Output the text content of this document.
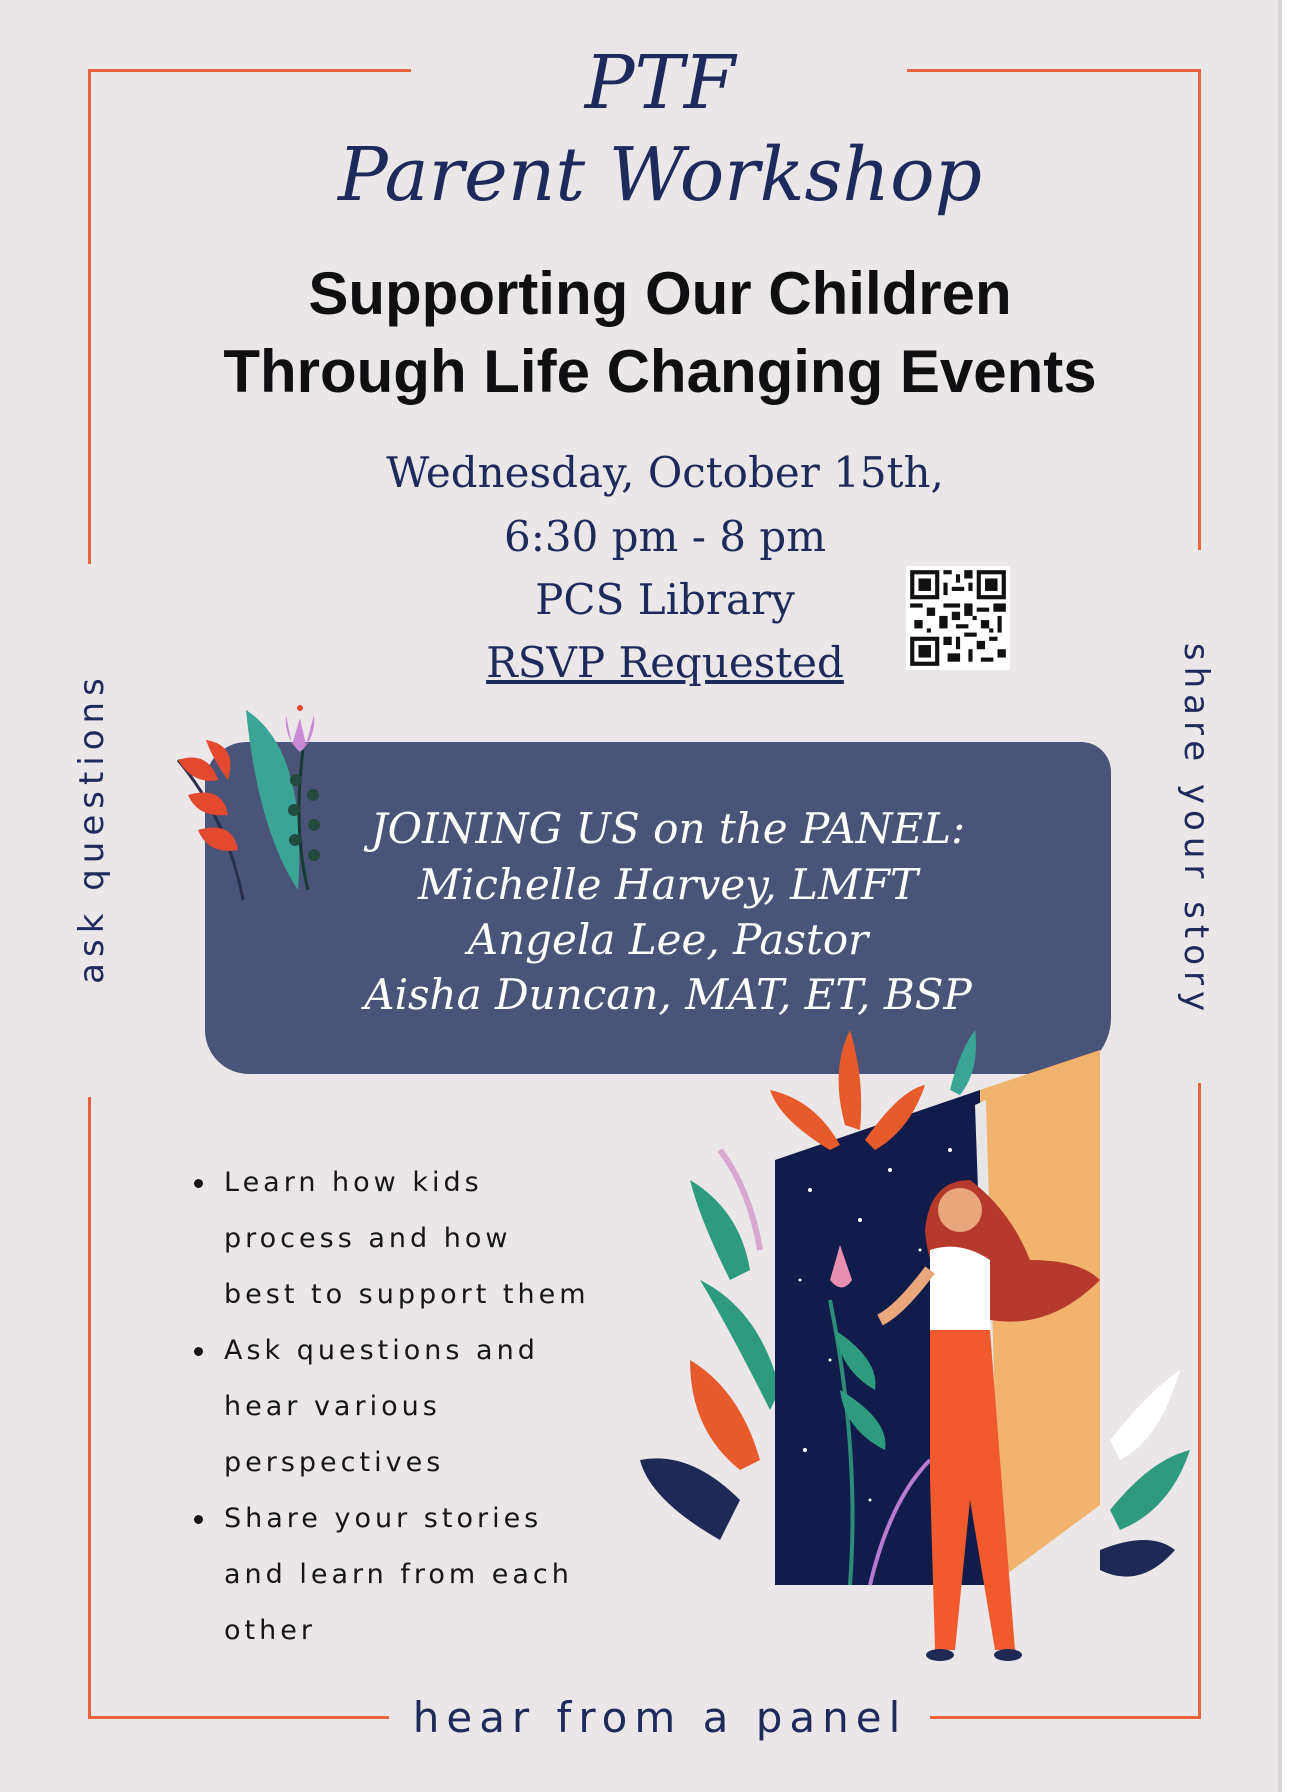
PTF
Parent Workshop
Supporting Our Children
Through Life Changing Events
Wednesday, October 15th,
6:30 pm - 8 pm
PCS Library
RSVP Requested
ask questions	share your story
hear from a panel
JOINING US on the PANEL:
Michelle Harvey, LMFT
Angela Lee, Pastor
Aisha Duncan, MAT, ET, BSP
Learn how kids
process and how
best to support them
Ask questions and
hear various
perspectives
Share your stories
and learn from each
other
